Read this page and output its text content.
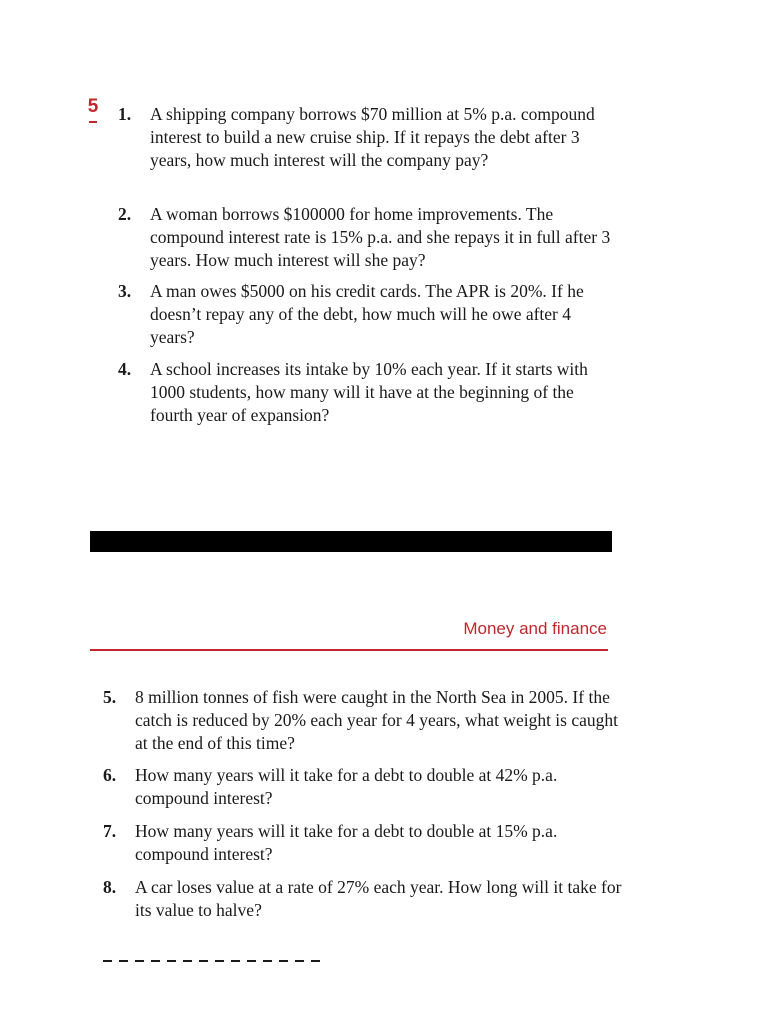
5 1. A shipping company borrows $70 million at 5% p.a. compound interest to build a new cruise ship. If it repays the debt after 3 years, how much interest will the company pay?
2. A woman borrows $100000 for home improvements. The compound interest rate is 15% p.a. and she repays it in full after 3 years. How much interest will she pay?
3. A man owes $5000 on his credit cards. The APR is 20%. If he doesn’t repay any of the debt, how much will he owe after 4 years?
4. A school increases its intake by 10% each year. If it starts with 1000 students, how many will it have at the beginning of the fourth year of expansion?
Money and finance
5. 8 million tonnes of fish were caught in the North Sea in 2005. If the catch is reduced by 20% each year for 4 years, what weight is caught at the end of this time?
6. How many years will it take for a debt to double at 42% p.a. compound interest?
7. How many years will it take for a debt to double at 15% p.a. compound interest?
8. A car loses value at a rate of 27% each year. How long will it take for its value to halve?
